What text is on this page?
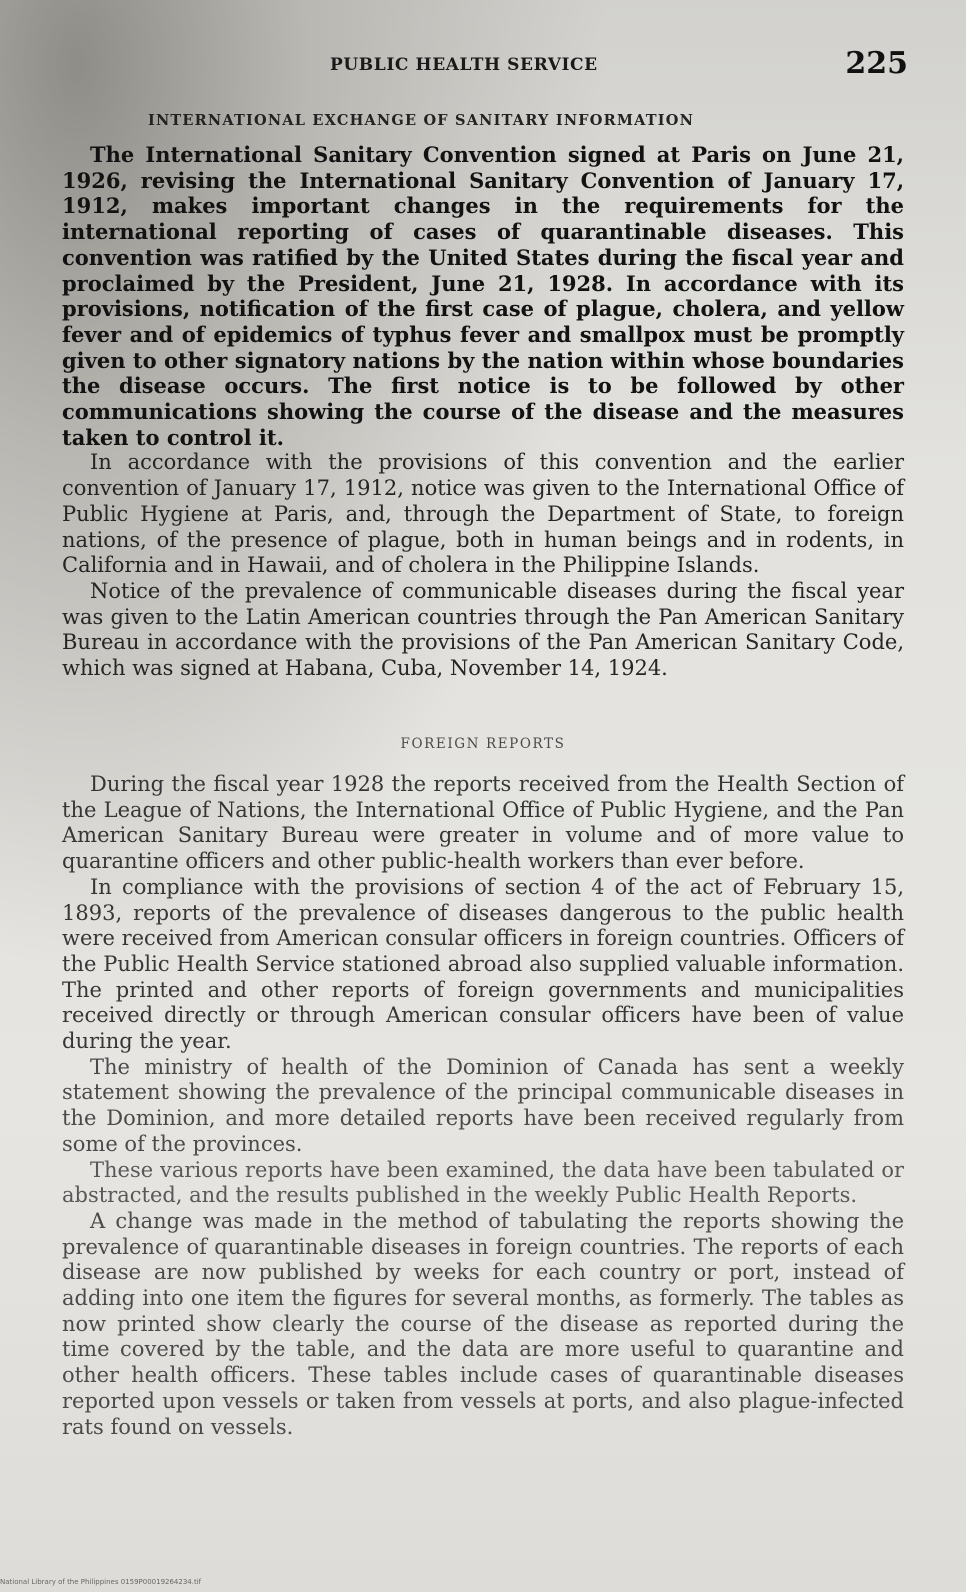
PUBLIC HEALTH SERVICE	225
INTERNATIONAL EXCHANGE OF SANITARY INFORMATION

The International Sanitary Convention signed at Paris on June 21, 1926, revising the International Sanitary Convention of January 17, 1912, makes important changes in the requirements for the international reporting of cases of quarantinable diseases. This convention was ratified by the United States during the fiscal year and proclaimed by the President, June 21, 1928. In accordance with its provisions, notification of the first case of plague, cholera, and yellow fever and of epidemics of typhus fever and smallpox must be promptly given to other signatory nations by the nation within whose boundaries the disease occurs. The first notice is to be followed by other communications showing the course of the disease and the measures taken to control it.

In accordance with the provisions of this convention and the earlier convention of January 17, 1912, notice was given to the International Office of Public Hygiene at Paris, and, through the Department of State, to foreign nations, of the presence of plague, both in human beings and in rodents, in California and in Hawaii, and of cholera in the Philippine Islands.

Notice of the prevalence of communicable diseases during the fiscal year was given to the Latin American countries through the Pan American Sanitary Bureau in accordance with the provisions of the Pan American Sanitary Code, which was signed at Habana, Cuba, November 14, 1924.

FOREIGN REPORTS

During the fiscal year 1928 the reports received from the Health Section of the League of Nations, the International Office of Public Hygiene, and the Pan American Sanitary Bureau were greater in volume and of more value to quarantine officers and other public-health workers than ever before.

In compliance with the provisions of section 4 of the act of February 15, 1893, reports of the prevalence of diseases dangerous to the public health were received from American consular officers in foreign countries. Officers of the Public Health Service stationed abroad also supplied valuable information. The printed and other reports of foreign governments and municipalities received directly or through American consular officers have been of value during the year.

The ministry of health of the Dominion of Canada has sent a weekly statement showing the prevalence of the principal communicable diseases in the Dominion, and more detailed reports have been received regularly from some of the provinces.

These various reports have been examined, the data have been tabulated or abstracted, and the results published in the weekly Public Health Reports.

A change was made in the method of tabulating the reports showing the prevalence of quarantinable diseases in foreign countries. The reports of each disease are now published by weeks for each country or port, instead of adding into one item the figures for several months, as formerly. The tables as now printed show clearly the course of the disease as reported during the time covered by the table, and the data are more useful to quarantine and other health officers. These tables include cases of quarantinable diseases reported upon vessels or taken from vessels at ports, and also plague-infected rats found on vessels.

National Library of the Philippines 0159P00019264234.tif
